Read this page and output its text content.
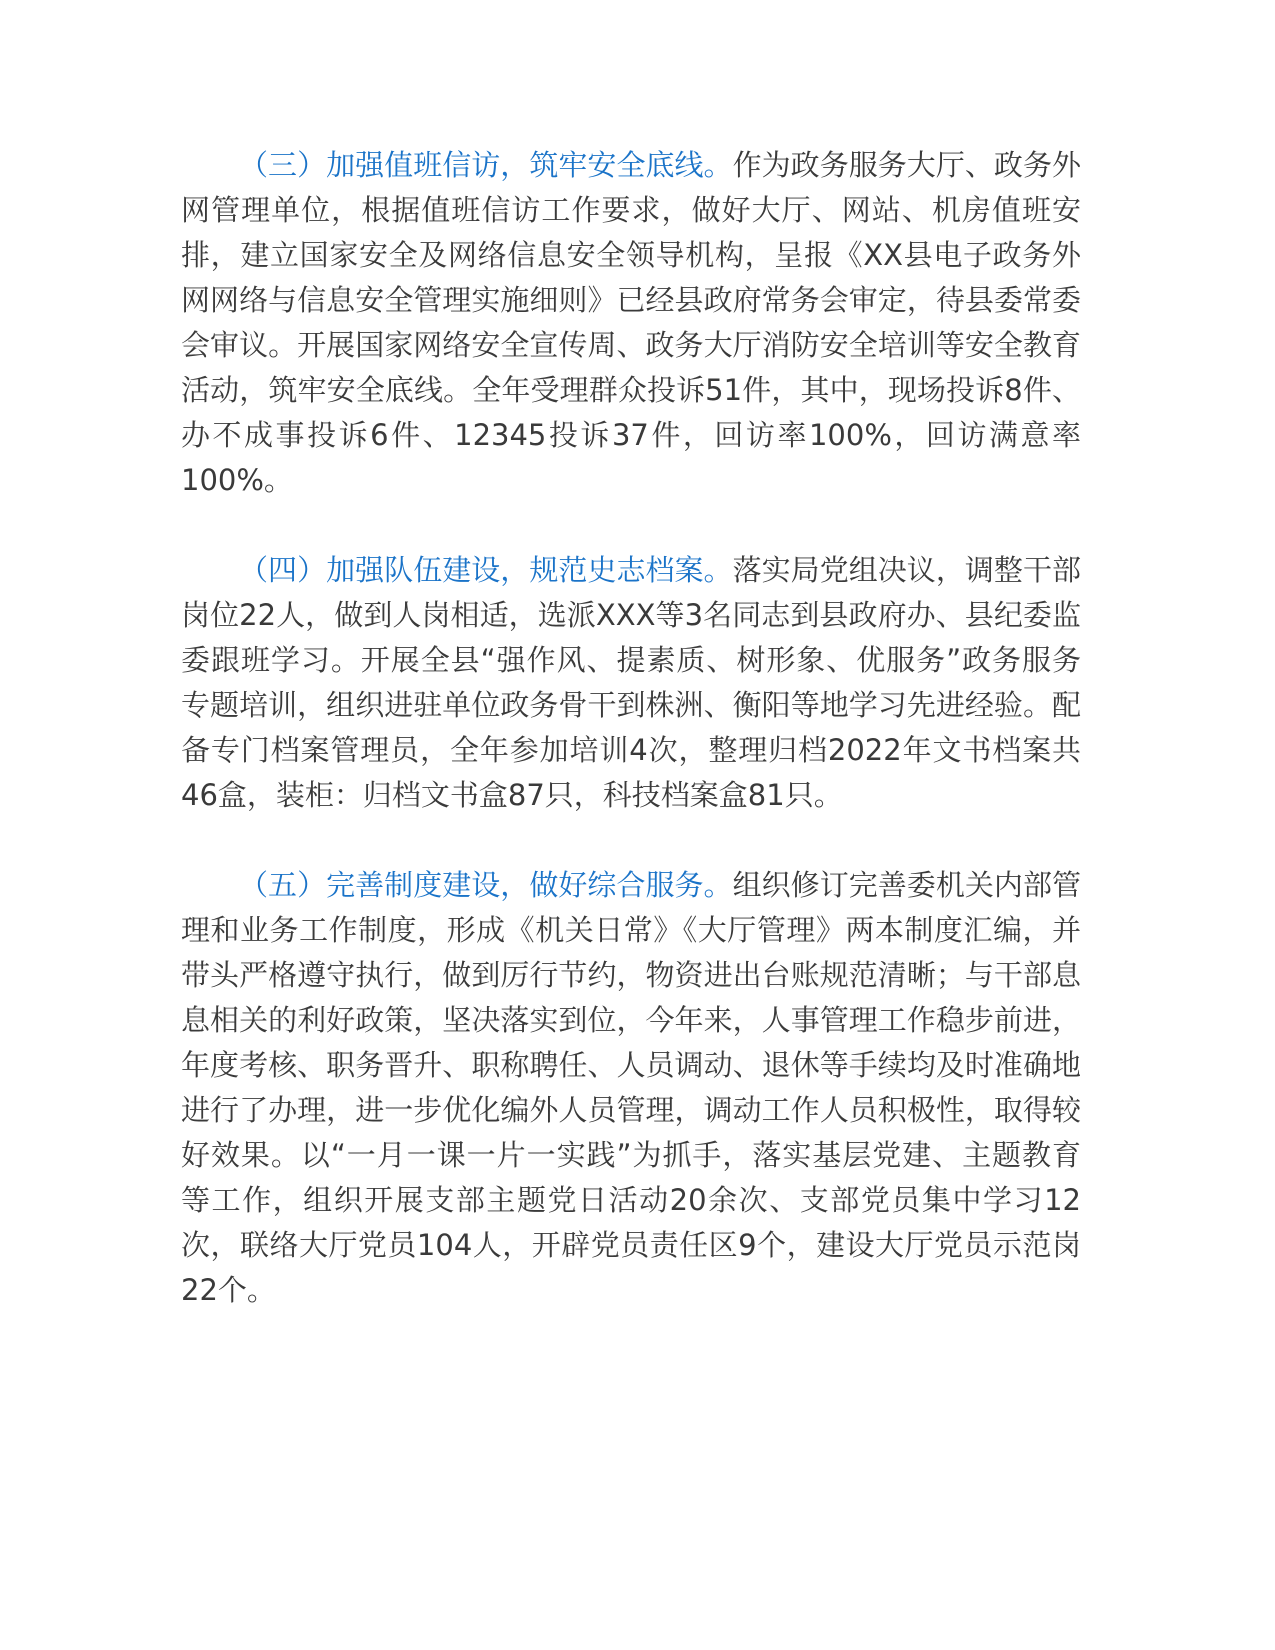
（三）加强值班信访，筑牢安全底线。作为政务服务大厅、政务外网管理单位，根据值班信访工作要求，做好大厅、网站、机房值班安排，建立国家安全及网络信息安全领导机构，呈报《XX县电子政务外网网络与信息安全管理实施细则》已经县政府常务会审定，待县委常委会审议。开展国家网络安全宣传周、政务大厅消防安全培训等安全教育活动，筑牢安全底线。全年受理群众投诉51件，其中，现场投诉8件、办不成事投诉6件、12345投诉37件，回访率100%，回访满意率100%。

（四）加强队伍建设，规范史志档案。落实局党组决议，调整干部岗位22人，做到人岗相适，选派XXX等3名同志到县政府办、县纪委监委跟班学习。开展全县“强作风、提素质、树形象、优服务”政务服务专题培训，组织进驻单位政务骨干到株洲、衡阳等地学习先进经验。配备专门档案管理员，全年参加培训4次，整理归档2022年文书档案共46盒，装柜：归档文书盒87只，科技档案盒81只。

（五）完善制度建设，做好综合服务。组织修订完善委机关内部管理和业务工作制度，形成《机关日常》《大厅管理》两本制度汇编，并带头严格遵守执行，做到厉行节约，物资进出台账规范清晰；与干部息息相关的利好政策，坚决落实到位，今年来，人事管理工作稳步前进，年度考核、职务晋升、职称聘任、人员调动、退休等手续均及时准确地进行了办理，进一步优化编外人员管理，调动工作人员积极性，取得较好效果。以“一月一课一片一实践”为抓手，落实基层党建、主题教育等工作，组织开展支部主题党日活动20余次、支部党员集中学习12次，联络大厅党员104人，开辟党员责任区9个，建设大厅党员示范岗22个。
